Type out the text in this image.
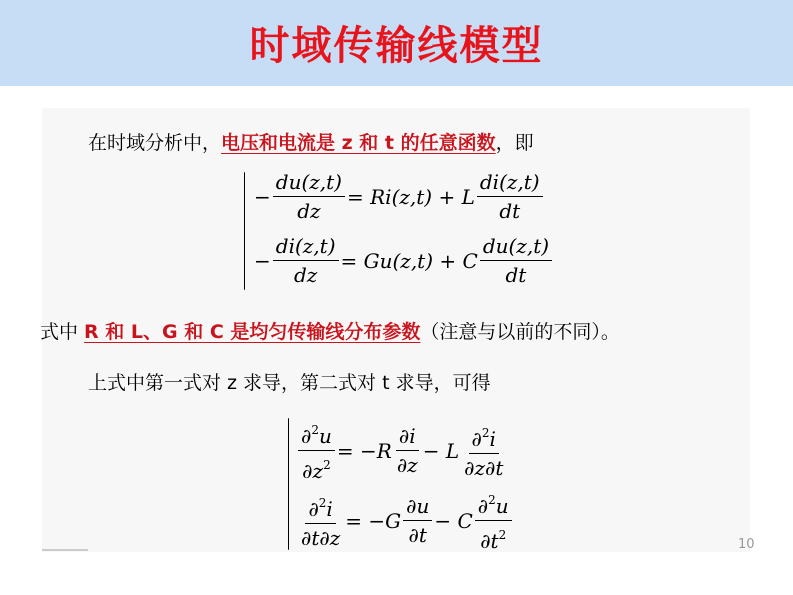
时域传输线模型
在时域分析中，电压和电流是 z 和 t 的任意函数，即
− $\frac{du(z,t)}{dz} = Ri(z,t) + L \frac{di(z,t)}{dt}$
− $\frac{di(z,t)}{dz} = Gu(z,t) + C \frac{du(z,t)}{dt}$
式中 R 和 L、G 和 C 是均匀传输线分布参数（注意与以前的不同）。
上式中第一式对 z 求导，第二式对 t 求导，可得
$\frac{\partial^2u}{\partial z^2} = -R \frac{\partial i}{\partial z} - L \frac{\partial^2i}{\partial z\partial t}$
$\frac{\partial^2i}{\partial t\partial z} = -G \frac{\partial u}{\partial t} - C \frac{\partial^2u}{\partial t^2}$	10
